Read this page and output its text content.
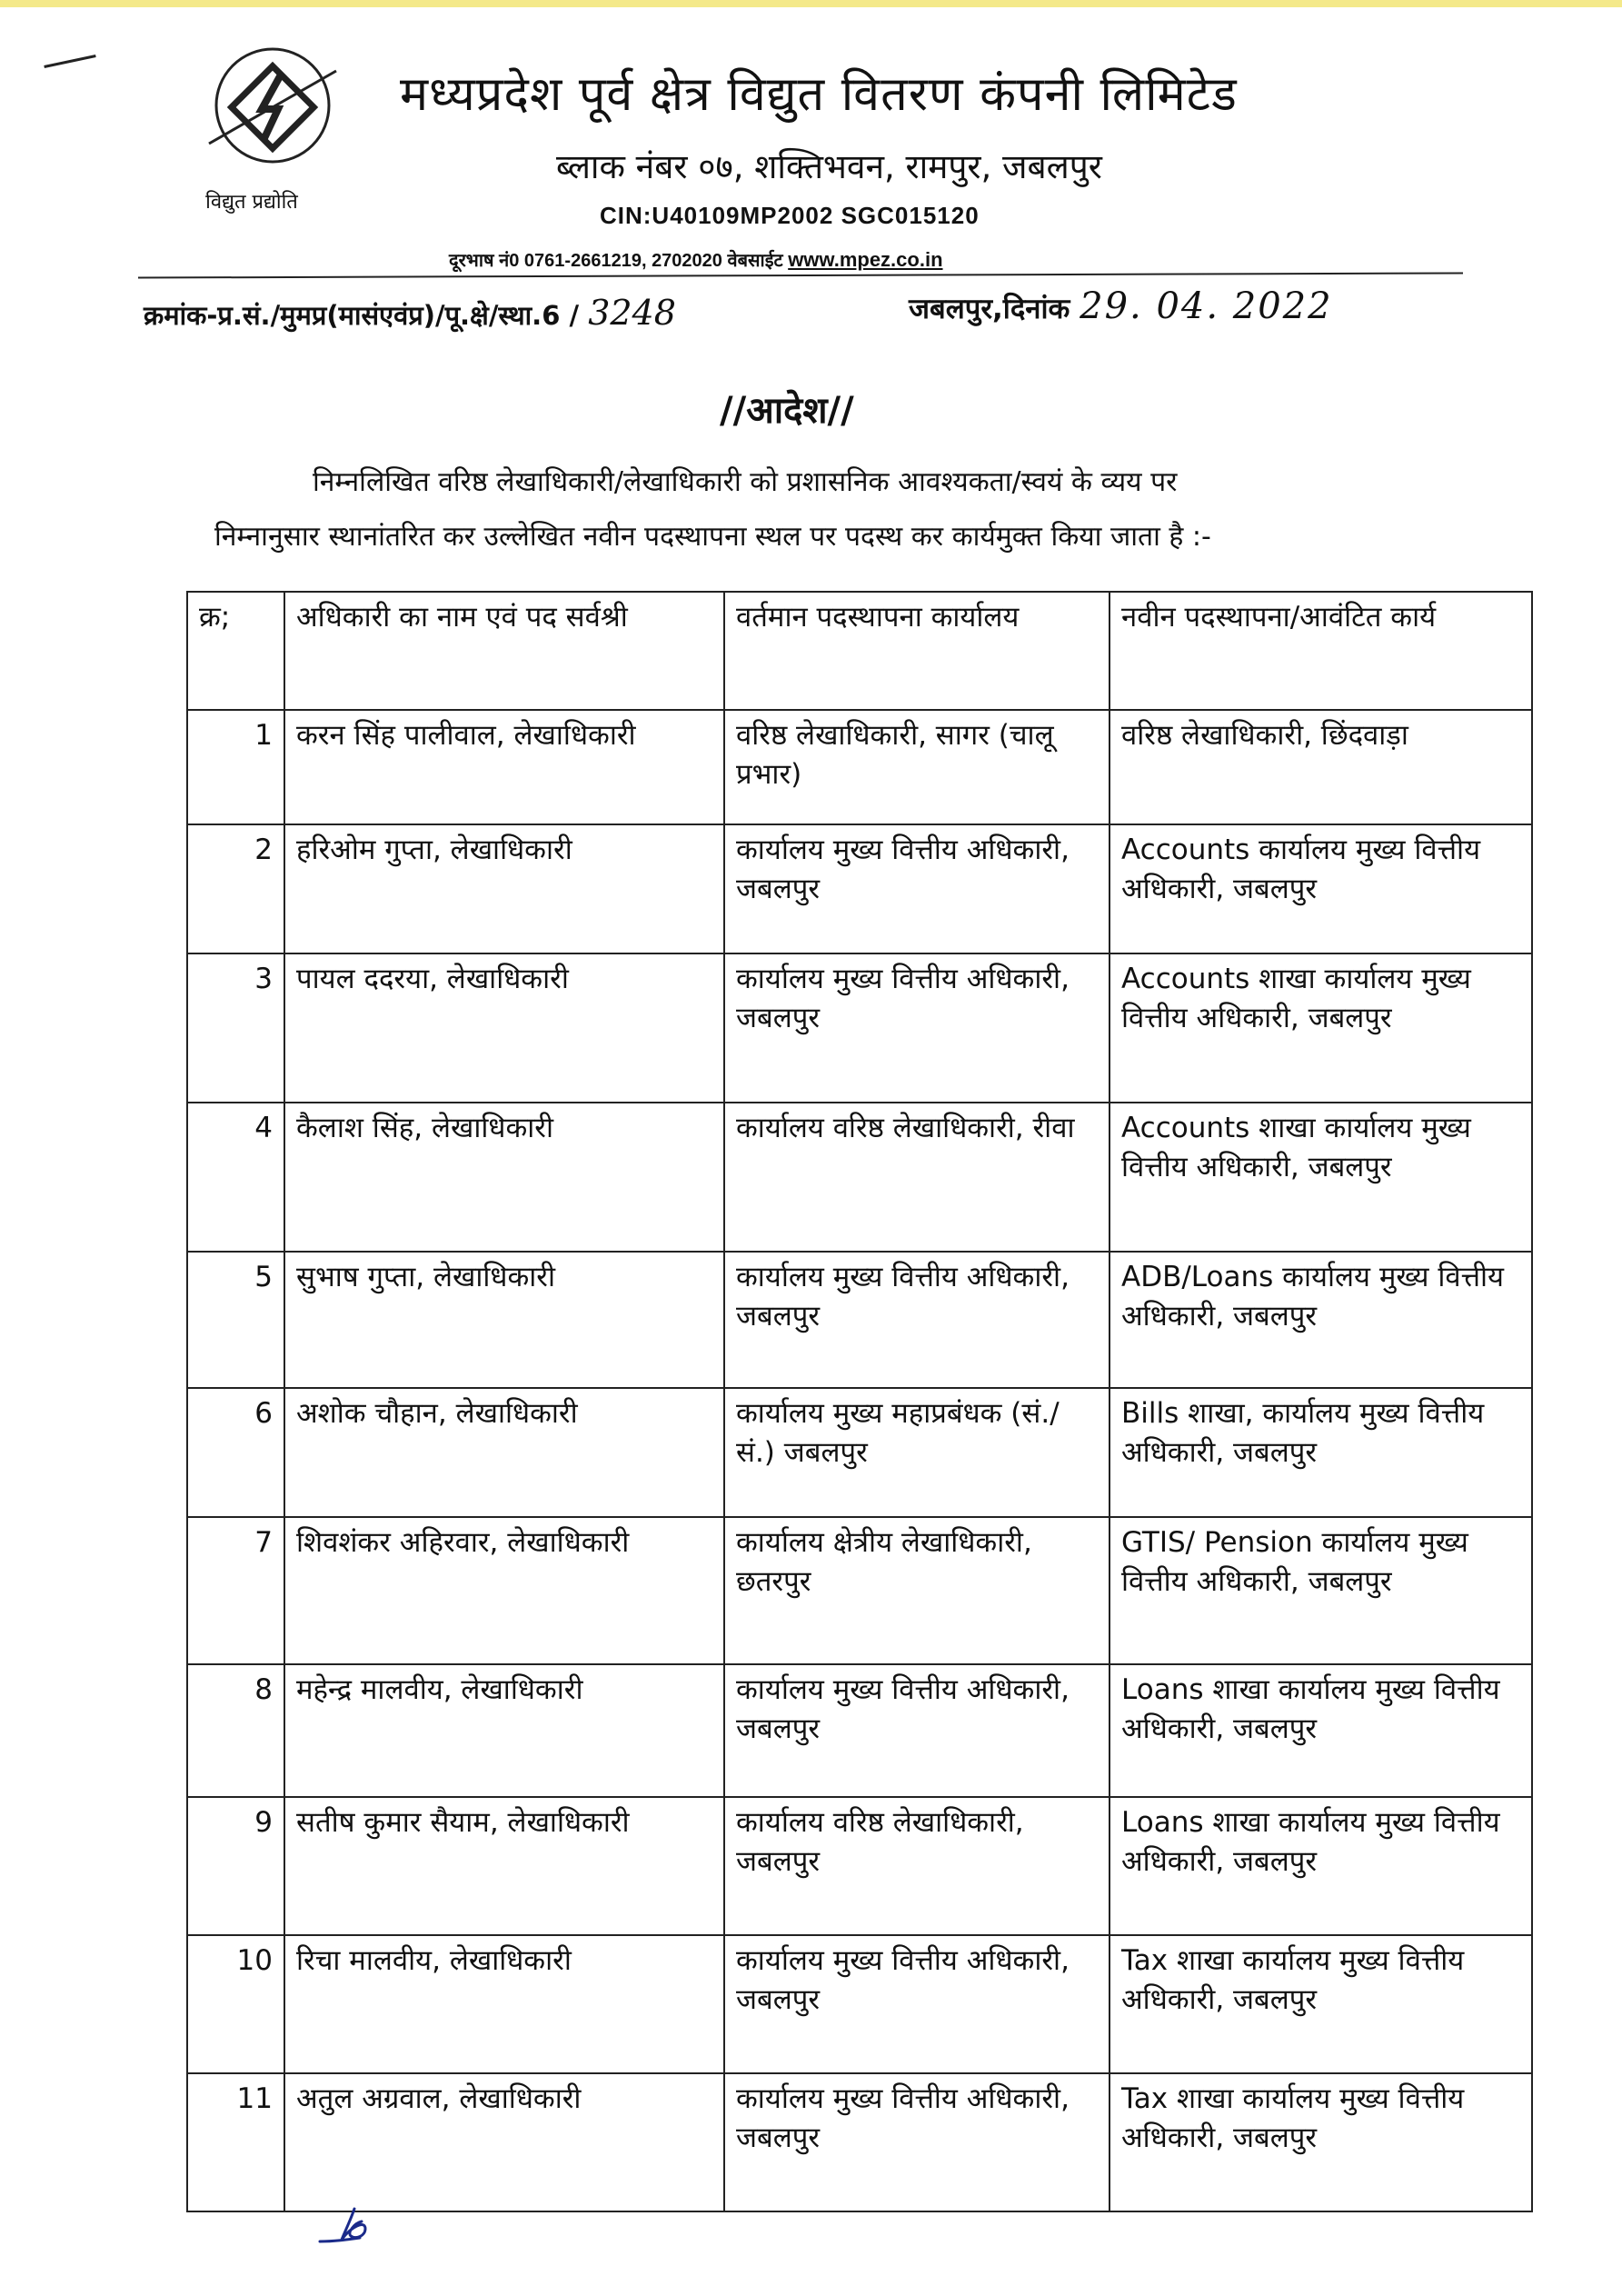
विद्युत प्रद्योति
मध्यप्रदेश पूर्व क्षेत्र विद्युत वितरण कंपनी लिमिटेड
ब्लाक नंबर ०७, शक्तिभवन, रामपुर, जबलपुर
CIN:U40109MP2002 SGC015120
दूरभाष नं0 0761-2661219, 2702020 वेबसाईट www.mpez.co.in
क्रमांक-प्र.सं./मुमप्र(मासंएवंप्र)/पू.क्षे/स्था.6 / 3248	जबलपुर,दिनांक 29. 04. 2022
//आदेश//
निम्नलिखित वरिष्ठ लेखाधिकारी/लेखाधिकारी को प्रशासनिक आवश्यकता/स्वयं के व्यय पर
निम्नानुसार स्थानांतरित कर उल्लेखित नवीन पदस्थापना स्थल पर पदस्थ कर कार्यमुक्त किया जाता है :-
क्र;	अधिकारी का नाम एवं पद सर्वश्री	वर्तमान पदस्थापना कार्यालय	नवीन पदस्थापना/आवंटित कार्य
1	करन सिंह पालीवाल, लेखाधिकारी	वरिष्ठ लेखाधिकारी, सागर (चालू प्रभार)	वरिष्ठ लेखाधिकारी, छिंदवाड़ा
2	हरिओम गुप्ता, लेखाधिकारी	कार्यालय मुख्य वित्तीय अधिकारी, जबलपुर	Accounts कार्यालय मुख्य वित्तीय अधिकारी, जबलपुर
3	पायल ददरया, लेखाधिकारी	कार्यालय मुख्य वित्तीय अधिकारी, जबलपुर	Accounts शाखा कार्यालय मुख्य वित्तीय अधिकारी, जबलपुर
4	कैलाश सिंह, लेखाधिकारी	कार्यालय वरिष्ठ लेखाधिकारी, रीवा	Accounts शाखा कार्यालय मुख्य वित्तीय अधिकारी, जबलपुर
5	सुभाष गुप्ता, लेखाधिकारी	कार्यालय मुख्य वित्तीय अधिकारी, जबलपुर	ADB/Loans कार्यालय मुख्य वित्तीय अधिकारी, जबलपुर
6	अशोक चौहान, लेखाधिकारी	कार्यालय मुख्य महाप्रबंधक (सं./सं.) जबलपुर	Bills शाखा, कार्यालय मुख्य वित्तीय अधिकारी, जबलपुर
7	शिवशंकर अहिरवार, लेखाधिकारी	कार्यालय क्षेत्रीय लेखाधिकारी, छतरपुर	GTIS/ Pension कार्यालय मुख्य वित्तीय अधिकारी, जबलपुर
8	महेन्द्र मालवीय, लेखाधिकारी	कार्यालय मुख्य वित्तीय अधिकारी, जबलपुर	Loans शाखा कार्यालय मुख्य वित्तीय अधिकारी, जबलपुर
9	सतीष कुमार सैयाम, लेखाधिकारी	कार्यालय वरिष्ठ लेखाधिकारी, जबलपुर	Loans शाखा कार्यालय मुख्य वित्तीय अधिकारी, जबलपुर
10	रिचा मालवीय, लेखाधिकारी	कार्यालय मुख्य वित्तीय अधिकारी, जबलपुर	Tax शाखा कार्यालय मुख्य वित्तीय अधिकारी, जबलपुर
11	अतुल अग्रवाल, लेखाधिकारी	कार्यालय मुख्य वित्तीय अधिकारी, जबलपुर	Tax शाखा कार्यालय मुख्य वित्तीय अधिकारी, जबलपुर
